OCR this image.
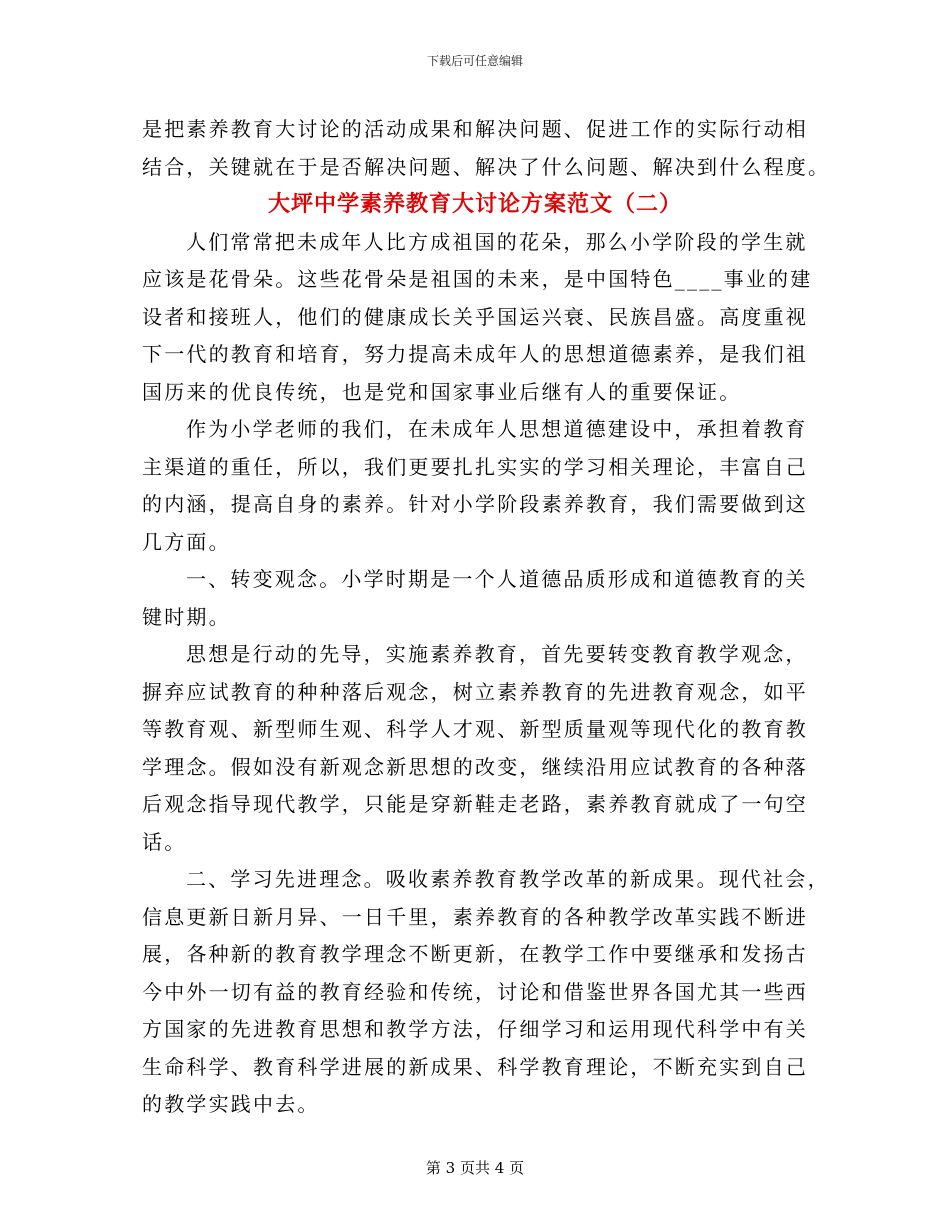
下载后可任意编辑
是把素养教育大讨论的活动成果和解决问题、促进工作的实际行动相
结合，关键就在于是否解决问题、解决了什么问题、解决到什么程度。
大坪中学素养教育大讨论方案范文（二）
人们常常把未成年人比方成祖国的花朵，那么小学阶段的学生就
应该是花骨朵。这些花骨朵是祖国的未来，是中国特色____事业的建
设者和接班人，他们的健康成长关乎国运兴衰、民族昌盛。高度重视
下一代的教育和培育，努力提高未成年人的思想道德素养，是我们祖
国历来的优良传统，也是党和国家事业后继有人的重要保证。
作为小学老师的我们，在未成年人思想道德建设中，承担着教育
主渠道的重任，所以，我们更要扎扎实实的学习相关理论，丰富自己
的内涵，提高自身的素养。针对小学阶段素养教育，我们需要做到这
几方面。
一、转变观念。小学时期是一个人道德品质形成和道德教育的关
键时期。
思想是行动的先导，实施素养教育，首先要转变教育教学观念，
摒弃应试教育的种种落后观念，树立素养教育的先进教育观念，如平
等教育观、新型师生观、科学人才观、新型质量观等现代化的教育教
学理念。假如没有新观念新思想的改变，继续沿用应试教育的各种落
后观念指导现代教学，只能是穿新鞋走老路，素养教育就成了一句空
话。
二、学习先进理念。吸收素养教育教学改革的新成果。现代社会，
信息更新日新月异、一日千里，素养教育的各种教学改革实践不断进
展，各种新的教育教学理念不断更新，在教学工作中要继承和发扬古
今中外一切有益的教育经验和传统，讨论和借鉴世界各国尤其一些西
方国家的先进教育思想和教学方法，仔细学习和运用现代科学中有关
生命科学、教育科学进展的新成果、科学教育理论，不断充实到自己
的教学实践中去。
第 3 页共 4 页
